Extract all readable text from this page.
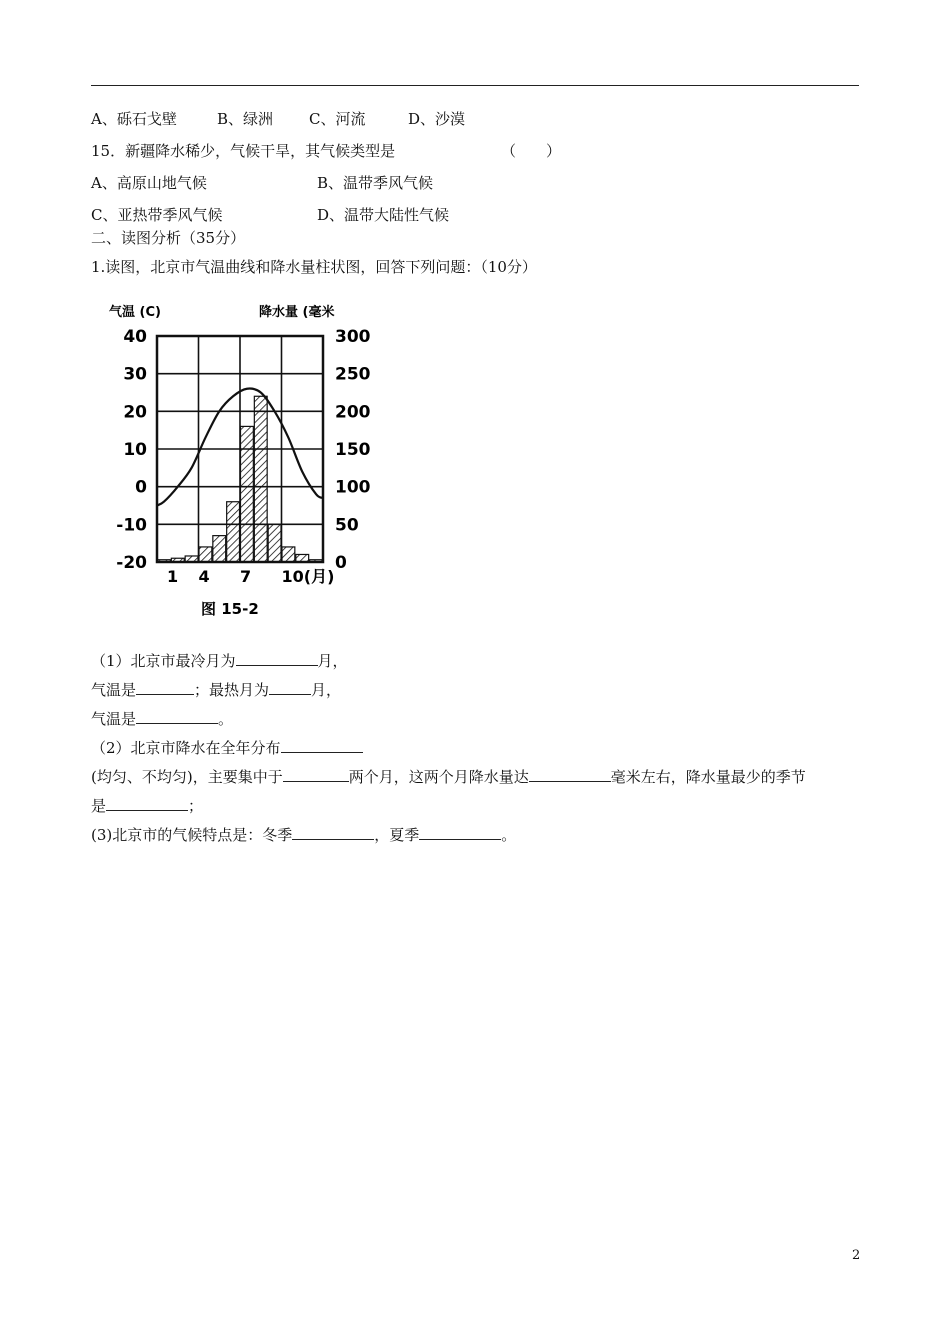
A、砾石戈壁	B、绿洲 C、河流	D、沙漠
15．新疆降水稀少，气候干旱，其气候类型是	（　　）
A、高原山地气候	B、温带季风气候
C、亚热带季风气候	D、温带大陆性气候
二、读图分析（35分）
1.读图，北京市气温曲线和降水量柱状图，回答下列问题：（10分）
气温 (C)	降水量 (毫米
40
30
20
10
0
-10
-20
300
250
200
150
100
50
0
1 4 7 10(月)
图 15-2
（1）北京市最冷月为	月，
气温是	；最热月为	月，
气温是	。
（2）北京市降水在全年分布
(均匀、不均匀)，主要集中于	两个月，这两个月降水量达	毫米左右，降水量最少的季节
是	；
(3)北京市的气候特点是：冬季	，夏季	。
2
